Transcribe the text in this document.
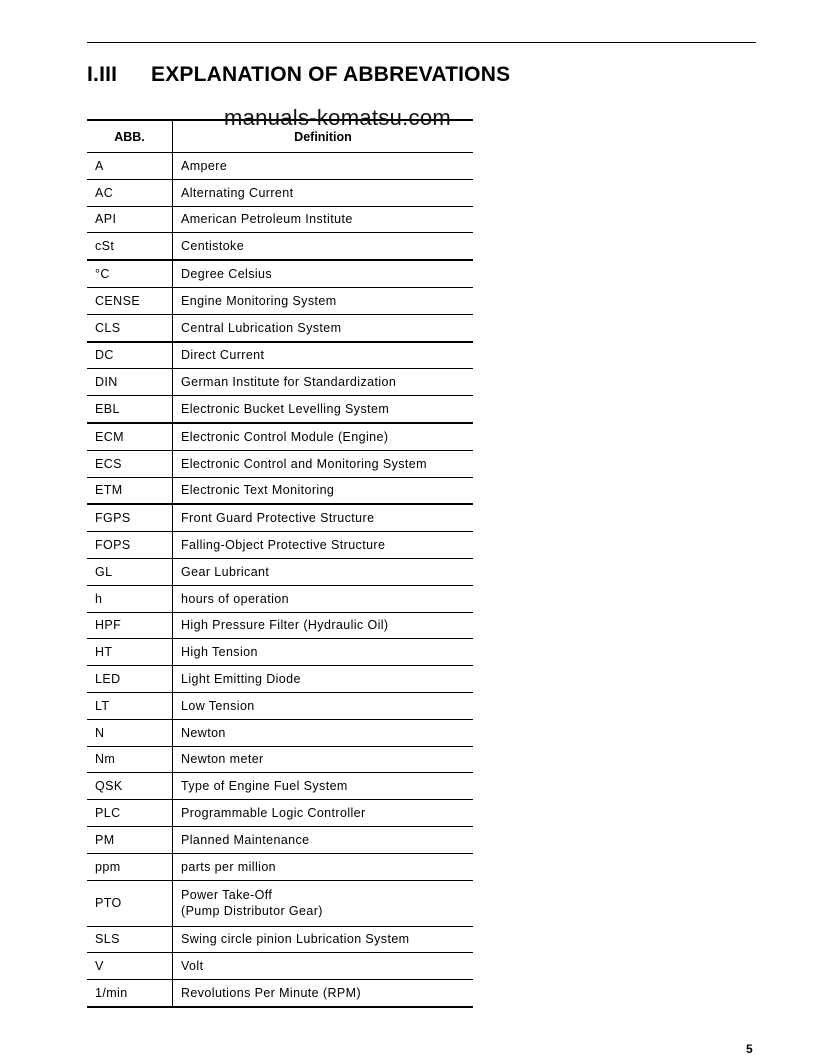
I.III EXPLANATION OF ABBREVATIONS
ABB.	Definition
A	Ampere
AC	Alternating Current
API	American Petroleum Institute
cSt	Centistoke
°C	Degree Celsius
CENSE	Engine Monitoring System
CLS	Central Lubrication System
DC	Direct Current
DIN	German Institute for Standardization
EBL	Electronic Bucket Levelling System
ECM	Electronic Control Module (Engine)
ECS	Electronic Control and Monitoring System
ETM	Electronic Text Monitoring
FGPS	Front Guard Protective Structure
FOPS	Falling-Object Protective Structure
GL	Gear Lubricant
h	hours of operation
HPF	High Pressure Filter (Hydraulic Oil)
HT	High Tension
LED	Light Emitting Diode
LT	Low Tension
N	Newton
Nm	Newton meter
QSK	Type of Engine Fuel System
PLC	Programmable Logic Controller
PM	Planned Maintenance
ppm	parts per million
PTO	Power Take-Off
(Pump Distributor Gear)

SLS	Swing circle pinion Lubrication System
V	Volt
1/min	Revolutions Per Minute (RPM)
manuals-komatsu.com
5
